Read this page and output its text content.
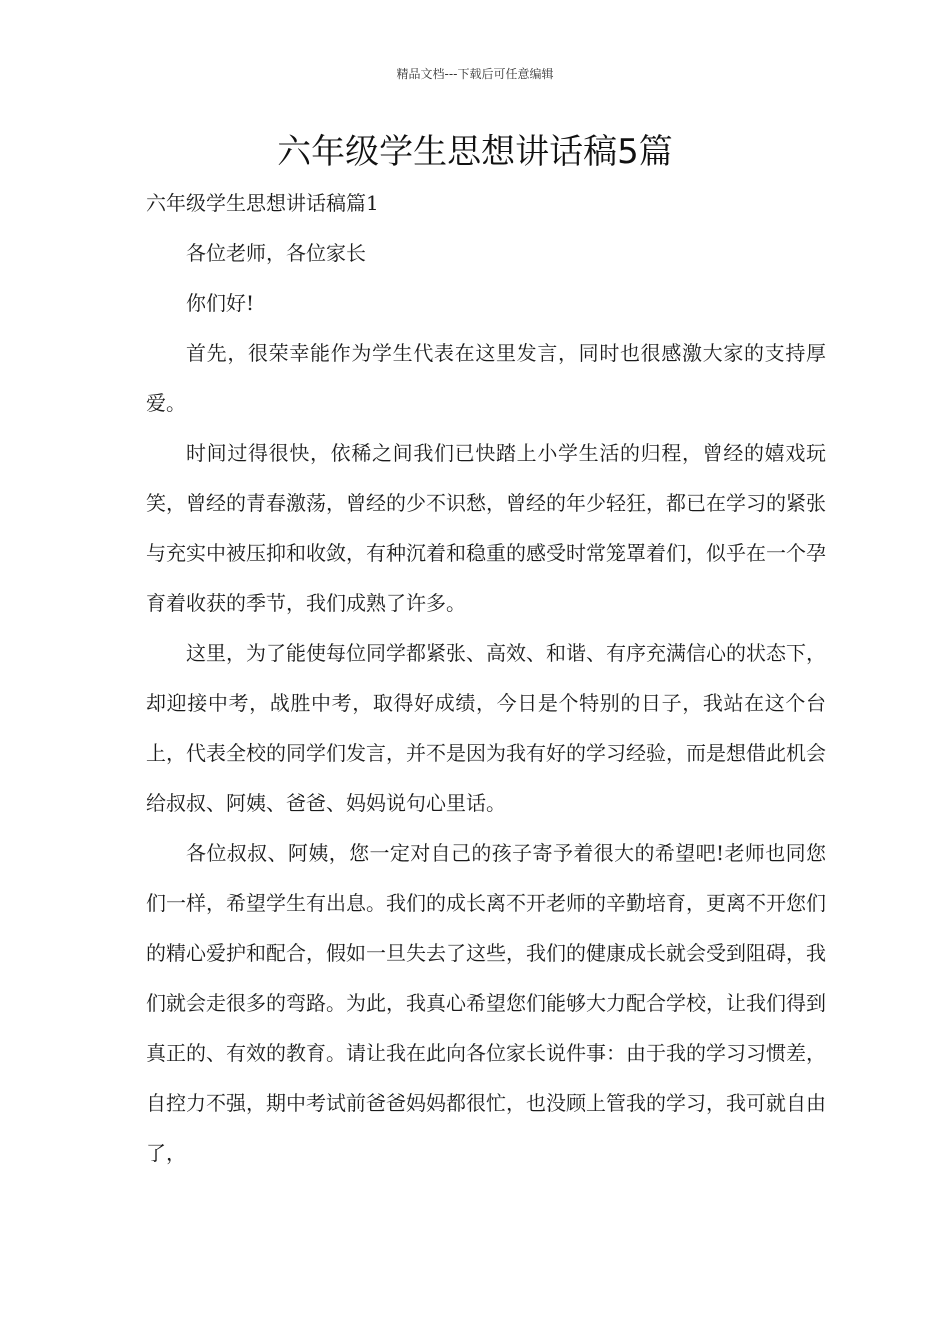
精品文档---下载后可任意编辑
六年级学生思想讲话稿5篇
六年级学生思想讲话稿篇1

各位老师，各位家长

你们好!

首先，很荣幸能作为学生代表在这里发言，同时也很感激大家的支持厚爱。

时间过得很快，依稀之间我们已快踏上小学生活的归程，曾经的嬉戏玩笑，曾经的青春激荡，曾经的少不识愁，曾经的年少轻狂，都已在学习的紧张与充实中被压抑和收敛，有种沉着和稳重的感受时常笼罩着们，似乎在一个孕育着收获的季节，我们成熟了许多。

这里，为了能使每位同学都紧张、高效、和谐、有序充满信心的状态下，却迎接中考，战胜中考，取得好成绩，今日是个特别的日子，我站在这个台上，代表全校的同学们发言，并不是因为我有好的学习经验，而是想借此机会给叔叔、阿姨、爸爸、妈妈说句心里话。

各位叔叔、阿姨，您一定对自己的孩子寄予着很大的希望吧!老师也同您们一样，希望学生有出息。我们的成长离不开老师的辛勤培育，更离不开您们的精心爱护和配合，假如一旦失去了这些，我们的健康成长就会受到阻碍，我们就会走很多的弯路。为此，我真心希望您们能够大力配合学校，让我们得到真正的、有效的教育。请让我在此向各位家长说件事：由于我的学习习惯差，自控力不强，期中考试前爸爸妈妈都很忙，也没顾上管我的学习，我可就自由了，
